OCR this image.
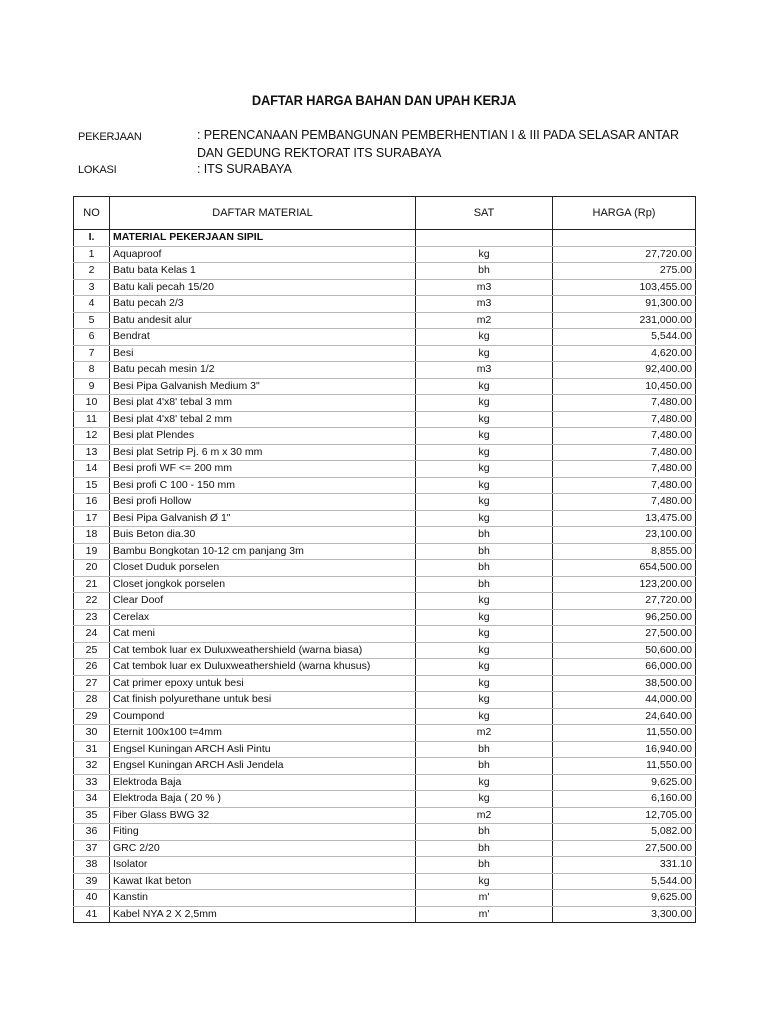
DAFTAR HARGA BAHAN DAN UPAH KERJA
PEKERJAAN	: PERENCANAAN PEMBANGUNAN PEMBERHENTIAN I & III PADA SELASAR ANTAR
DAN GEDUNG REKTORAT ITS SURABAYA
LOKASI	: ITS SURABAYA
NO	DAFTAR MATERIAL	SAT	HARGA (Rp)
I.	MATERIAL PEKERJAAN SIPIL		
1	Aquaproof	kg	27,720.00
2	Batu bata Kelas 1	bh	275.00
3	Batu kali pecah 15/20	m3	103,455.00
4	Batu pecah 2/3	m3	91,300.00
5	Batu andesit alur	m2	231,000.00
6	Bendrat	kg	5,544.00
7	Besi	kg	4,620.00
8	Batu pecah mesin 1/2	m3	92,400.00
9	Besi Pipa Galvanish Medium 3"	kg	10,450.00
10	Besi plat 4'x8' tebal 3 mm	kg	7,480.00
11	Besi plat 4'x8' tebal 2 mm	kg	7,480.00
12	Besi plat Plendes	kg	7,480.00
13	Besi plat Setrip Pj. 6 m x 30 mm	kg	7,480.00
14	Besi profi WF <= 200 mm	kg	7,480.00
15	Besi profi C 100 - 150 mm	kg	7,480.00
16	Besi profi Hollow	kg	7,480.00
17	Besi Pipa Galvanish Ø 1"	kg	13,475.00
18	Buis Beton dia.30	bh	23,100.00
19	Bambu Bongkotan 10-12 cm panjang 3m	bh	8,855.00
20	Closet Duduk porselen	bh	654,500.00
21	Closet jongkok porselen	bh	123,200.00
22	Clear Doof	kg	27,720.00
23	Cerelax	kg	96,250.00
24	Cat meni	kg	27,500.00
25	Cat tembok luar ex Duluxweathershield (warna biasa)	kg	50,600.00
26	Cat tembok luar ex Duluxweathershield (warna khusus)	kg	66,000.00
27	Cat primer epoxy untuk besi	kg	38,500.00
28	Cat finish polyurethane untuk besi	kg	44,000.00
29	Coumpond	kg	24,640.00
30	Eternit 100x100 t=4mm	m2	11,550.00
31	Engsel Kuningan ARCH Asli Pintu	bh	16,940.00
32	Engsel Kuningan ARCH Asli Jendela	bh	11,550.00
33	Elektroda Baja	kg	9,625.00
34	Elektroda Baja ( 20 % )	kg	6,160.00
35	Fiber Glass BWG 32	m2	12,705.00
36	Fiting	bh	5,082.00
37	GRC 2/20	bh	27,500.00
38	Isolator	bh	331.10
39	Kawat Ikat beton	kg	5,544.00
40	Kanstin	m'	9,625.00
41	Kabel NYA 2 X 2,5mm	m'	3,300.00
